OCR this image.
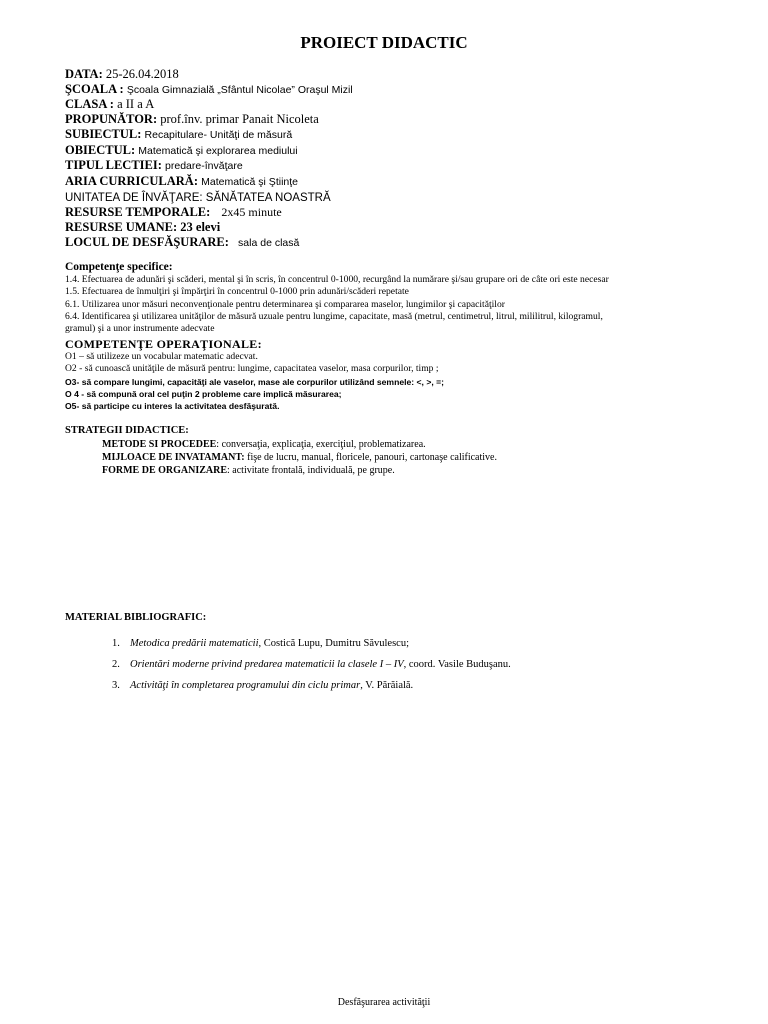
PROIECT DIDACTIC
DATA: 25-26.04.2018
ŞCOALA : Şcoala Gimnazială „Sfântul Nicolae” Oraşul Mizil
CLASA : a II a A
PROPUNĂTOR: prof.înv. primar Panait Nicoleta
SUBIECTUL: Recapitulare- Unităţi de măsură
OBIECTUL: Matematică şi explorarea mediului
TIPUL LECTIEI: predare-învăţare
ARIA CURRICULARĂ: Matematică şi Ştiinţe
UNITATEA DE ÎNVĂŢARE: SĂNĂTATEA NOASTRĂ
RESURSE TEMPORALE: 2x45 minute
RESURSE UMANE: 23 elevi
LOCUL DE DESFĂŞURARE: sala de clasă
Competenţe specifice:
1.4. Efectuarea de adunări şi scăderi, mental şi în scris, în concentrul 0-1000, recurgând la numărare şi/sau grupare ori de câte ori este necesar
1.5. Efectuarea de înmulţiri şi împărţiri în concentrul 0-1000 prin adunări/scăderi repetate
6.1. Utilizarea unor măsuri neconvenţionale pentru determinarea şi compararea maselor, lungimilor şi capacităţilor
6.4. Identificarea şi utilizarea unităţilor de măsură uzuale pentru lungime, capacitate, masă (metrul, centimetrul, litrul, mililitrul, kilogramul,
gramul) şi a unor instrumente adecvate
COMPETENŢE OPERAŢIONALE:
O1 – să utilizeze un vocabular matematic adecvat.
O2 - să cunoască unităţile de măsură pentru: lungime, capacitatea vaselor, masa corpurilor, timp ;
O3- să compare lungimi, capacităţi ale vaselor, mase ale corpurilor utilizând semnele: <, >, =;
O 4 - să compună oral cel puţin 2 probleme care implică măsurarea;
O5- să participe cu interes la activitatea desfăşurată.
STRATEGII DIDACTICE:
METODE SI PROCEDEE: conversaţia, explicaţia, exerciţiul, problematizarea.
MIJLOACE DE INVATAMANT: fişe de lucru, manual, floricele, panouri, cartonaşe calificative.
FORME DE ORGANIZARE: activitate frontală, individuală, pe grupe.
MATERIAL BIBLIOGRAFIC:
1. Metodica predării matematicii, Costică Lupu, Dumitru Săvulescu;
2. Orientări moderne privind predarea matematicii la clasele I – IV, coord. Vasile Buduşanu.
3. Activităţi în completarea programului din ciclu primar, V. Părăială.
Desfăşurarea activităţii
